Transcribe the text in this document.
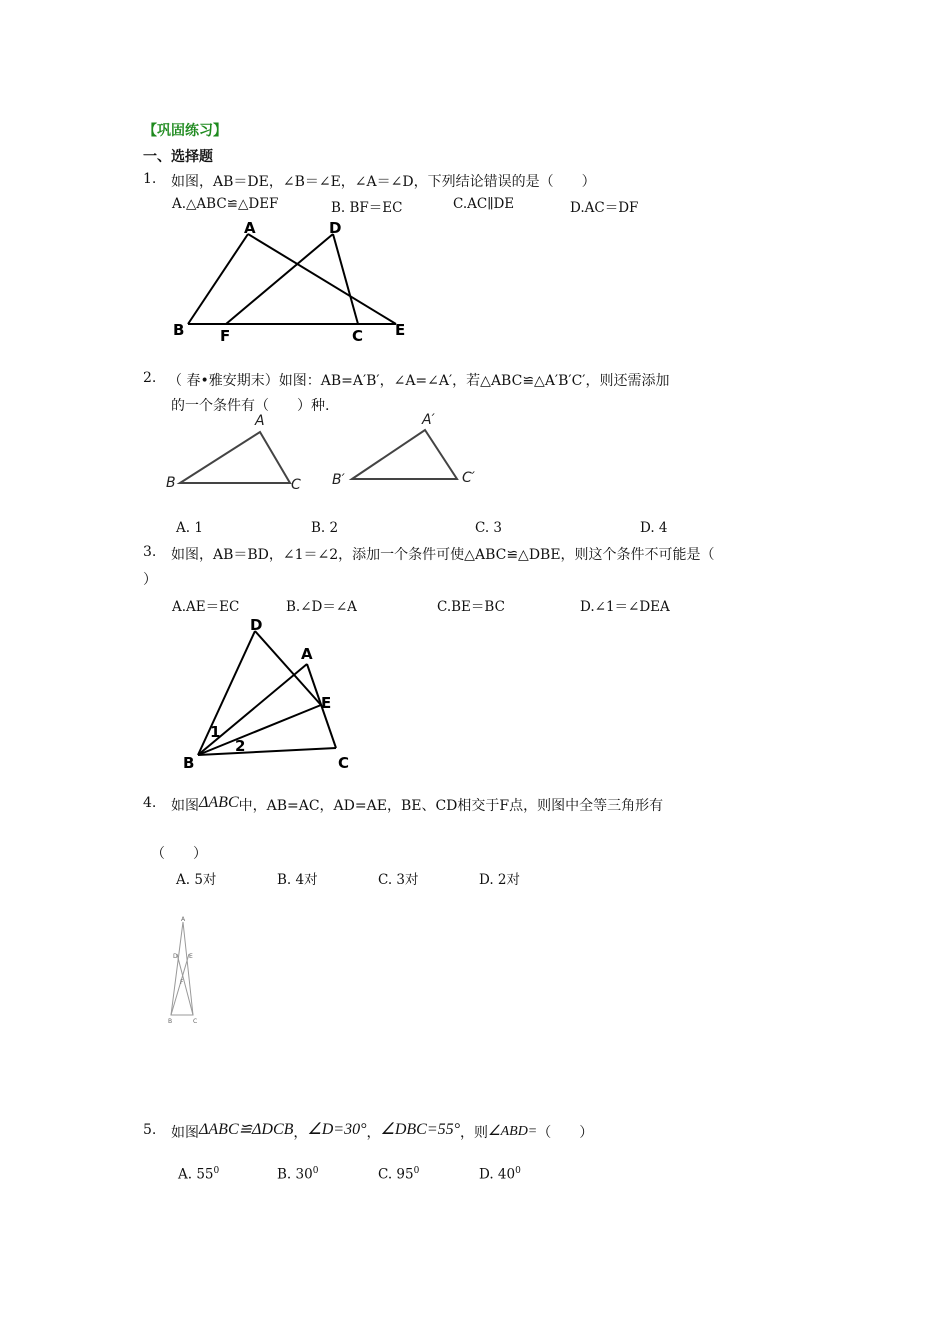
【巩固练习】
一、选择题
1. 如图，AB＝DE，∠B＝∠E，∠A＝∠D，下列结论错误的是（　　）
A.△ABC≌△DEF	B. BF＝EC	C.AC∥DE	D.AC＝DF
A	D
B F	C E
2. （ 春•雅安期末）如图：AB=A′B′，∠A=∠A′，若△ABC≌△A′B′C′，则还需添加
的一个条件有（　　）种.
A
B	C
A′
B′	C′
A. 1	B. 2	C. 3	D. 4
3. 如图，AB＝BD，∠1＝∠2，添加一个条件可使△ABC≌△DBE，则这个条件不可能是（
）
A.AE＝EC	B.∠D＝∠A	C.BE＝BC	D.∠1＝∠DEA
D
A
E
1
2
B	C
4. 如图ΔABC中，AB=AC，AD=AE，BE、CD相交于F点，则图中全等三角形有
（　　）
A. 5对	B. 4对	C. 3对	D. 2对
A
D E
F
B	C
5. 如图ΔABC≌ΔDCB，∠D=30°，∠DBC=55°，则∠ABD=（　　）
A. $55^0$	B. $30^0$	C. $95^0$	D. $40^0$
